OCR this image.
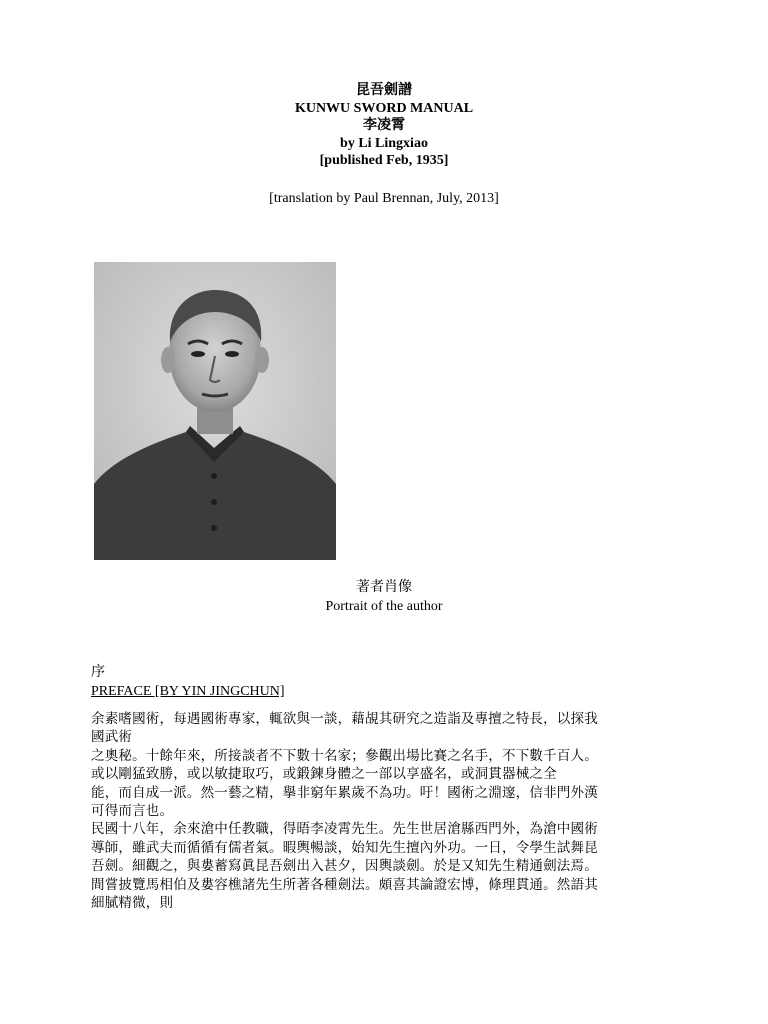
昆吾劍譜
KUNWU SWORD MANUAL
李凌霄
by Li Lingxiao
[published Feb, 1935]
[translation by Paul Brennan, July, 2013]
著者肖像
Portrait of the author
序
PREFACE [BY YIN JINGCHUN]
余素嗜國術，每遇國術專家，輒欲與一談，藉覘其研究之造詣及專擅之特長，以探我
國武術
之奧秘。十餘年來，所接談者不下數十名家；參觀出場比賽之名手，不下數千百人。
或以剛猛致勝，或以敏捷取巧，或鍛鍊身體之一部以享盛名，或洞貫器械之全
能，而自成一派。然一藝之精，擧非窮年累歲不為功。吁！國術之淵邃，信非門外漢
可得而言也。
民國十八年，余來滄中任教職，得晤李凌霄先生。先生世居滄縣西門外，為滄中國術
導師，雖武夫而循循有儒者氣。暇輿暢談，始知先生擅內外功。一日，令學生試舞昆
吾劍。細觀之，與婁蓄寫眞昆吾劍出入甚夕，因輿談劍。於是又知先生精通劍法焉。
間嘗披覽馬相伯及婁容樵諸先生所著各種劍法。頗喜其論證宏博，條理貫通。然語其
細膩精微，則
